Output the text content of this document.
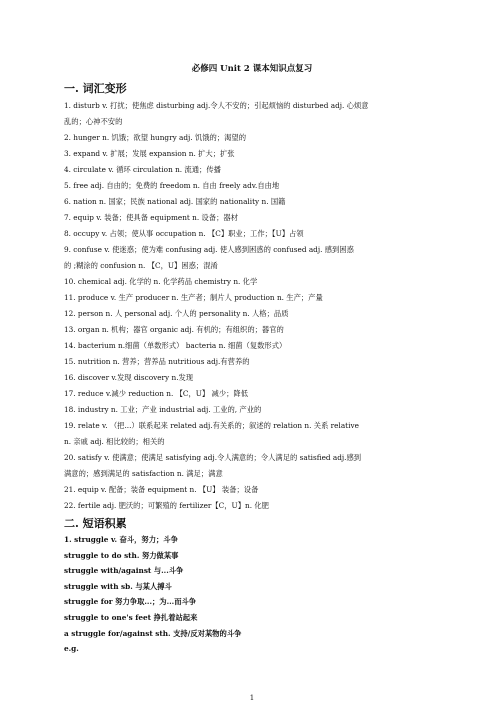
必修四 Unit 2 课本知识点复习
一. 词汇变形
1. disturb v. 打扰；使焦虑 disturbing adj.令人不安的；引起烦恼的 disturbed adj. 心烦意
乱的；心神不安的
2. hunger n. 饥饿；欲望 hungry adj. 饥饿的；渴望的
3. expand v. 扩展；发展 expansion n. 扩大；扩张
4. circulate v. 循环 circulation n. 流通；传播
5. free adj. 自由的；免费的 freedom n. 自由 freely adv.自由地
6. nation n. 国家；民族 national adj. 国家的 nationality n. 国籍
7. equip v. 装备；使具备 equipment n. 设备；器材
8. occupy v. 占领；使从事 occupation n. 【C】职业；工作；【U】占领
9. confuse v. 使迷惑；使为难 confusing adj. 使人感到困惑的 confused adj. 感到困惑
的 ;糊涂的 confusion n. 【C，U】困惑；混淆
10. chemical adj. 化学的 n. 化学药品 chemistry n. 化学
11. produce v. 生产 producer n. 生产者；制片人 production n. 生产；产量
12. person n. 人 personal adj. 个人的 personality n. 人格；品质
13. organ n. 机构；器官 organic adj. 有机的；有组织的；器官的
14. bacterium n.细菌（单数形式） bacteria n. 细菌（复数形式）
15. nutrition n. 营养；营养品 nutritious adj.有营养的
16. discover v.发现 discovery n.发现
17. reduce v.减少 reduction n. 【C，U】 减少；降低
18. industry n. 工业；产业 industrial adj. 工业的, 产业的
19. relate v. （把...）联系起来 related adj.有关系的；叙述的 relation n. 关系 relative
n. 亲戚 adj. 相比较的；相关的
20. satisfy v. 使满意；使满足 satisfying adj.令人满意的；令人满足的 satisfied adj.感到
满意的；感到满足的 satisfaction n. 满足；满意
21. equip v. 配备；装备 equipment n. 【U】 装备；设备
22. fertile adj. 肥沃的；可繁殖的 fertilizer【C，U】n. 化肥
二. 短语积累
1. struggle v. 奋斗，努力；斗争
struggle to do sth. 努力做某事
struggle with/against 与...斗争
struggle with sb. 与某人搏斗
struggle for 努力争取...；为...而斗争
struggle to one's feet 挣扎着站起来
a struggle for/against sth. 支持/反对某物的斗争
e.g.
1
